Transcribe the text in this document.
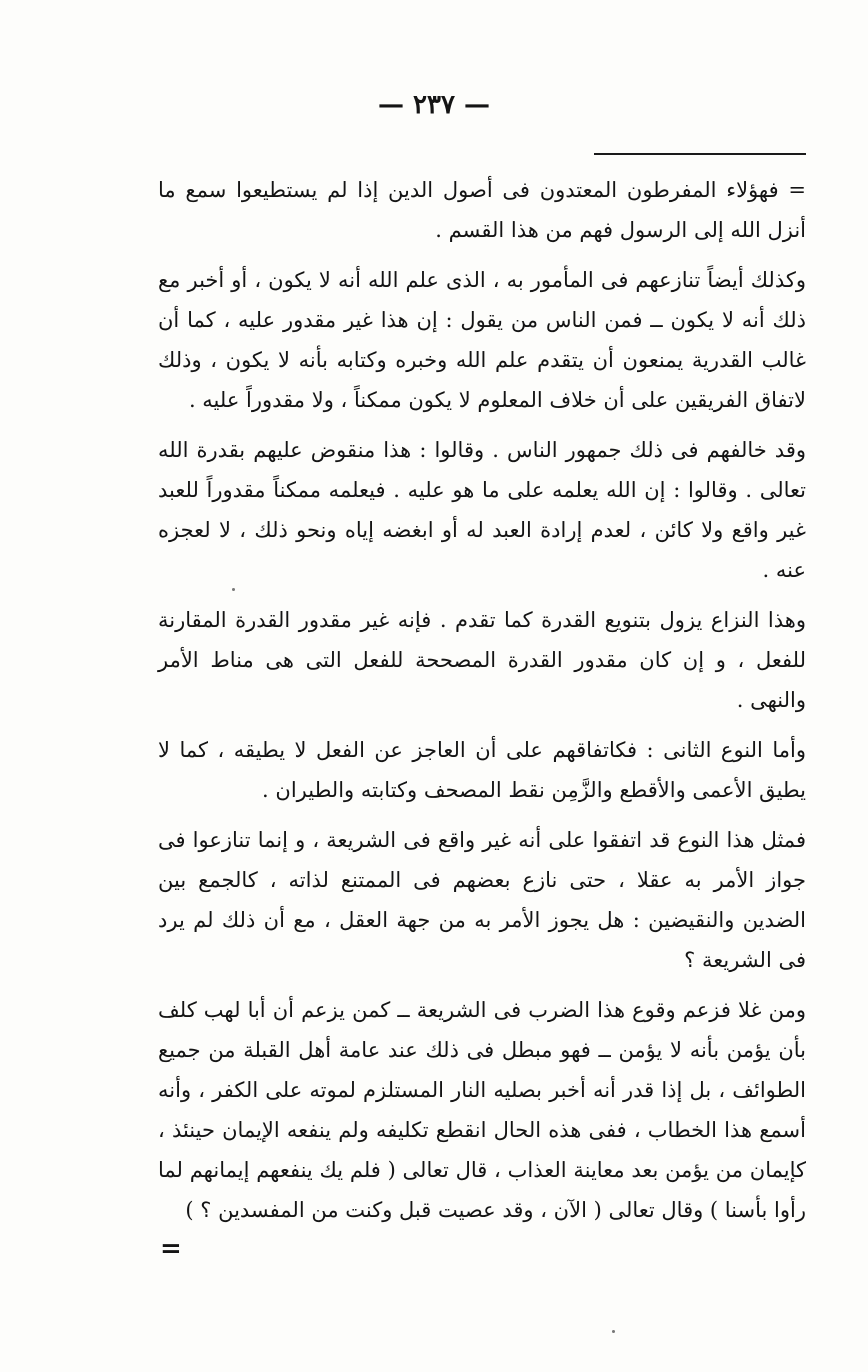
— ٢٣٧ —

= فهؤلاء المفرطون المعتدون فى أصول الدين إذا لم يستطيعوا سمع ما أنزل الله إلى الرسول فهم من هذا القسم .

وكذلك أيضاً تنازعهم فى المأمور به ، الذى علم الله أنه لا يكون ، أو أخبر مع ذلك أنه لا يكون ــ فمن الناس من يقول : إن هذا غير مقدور عليه ، كما أن غالب القدرية يمنعون أن يتقدم علم الله وخبره وكتابه بأنه لا يكون ، وذلك لاتفاق الفريقين على أن خلاف المعلوم لا يكون ممكناً ، ولا مقدوراً عليه .

وقد خالفهم فى ذلك جمهور الناس . وقالوا : هذا منقوض عليهم بقدرة الله تعالى . وقالوا : إن الله يعلمه على ما هو عليه . فيعلمه ممكناً مقدوراً للعبد غير واقع ولا كائن ، لعدم إرادة العبد له أو ابغضه إياه ونحو ذلك ، لا لعجزه عنه .

وهذا النزاع يزول بتنويع القدرة كما تقدم . فإنه غير مقدور القدرة المقارنة للفعل ، و إن كان مقدور القدرة المصححة للفعل التى هى مناط الأمر والنهى .

وأما النوع الثانى : فكاتفاقهم على أن العاجز عن الفعل لا يطيقه ، كما لا يطيق الأعمى والأقطع والزَّمِن نقط المصحف وكتابته والطيران .

فمثل هذا النوع قد اتفقوا على أنه غير واقع فى الشريعة ، و إنما تنازعوا فى جواز الأمر به عقلا ، حتى نازع بعضهم فى الممتنع لذاته ، كالجمع بين الضدين والنقيضين : هل يجوز الأمر به من جهة العقل ، مع أن ذلك لم يرد فى الشريعة ؟

ومن غلا فزعم وقوع هذا الضرب فى الشريعة ــ كمن يزعم أن أبا لهب كلف بأن يؤمن بأنه لا يؤمن ــ فهو مبطل فى ذلك عند عامة أهل القبلة من جميع الطوائف ، بل إذا قدر أنه أخبر بصليه النار المستلزم لموته على الكفر ، وأنه أسمع هذا الخطاب ، ففى هذه الحال انقطع تكليفه ولم ينفعه الإيمان حينئذ ، كإيمان من يؤمن بعد معاينة العذاب ، قال تعالى ( فلم يك ينفعهم إيمانهم لما رأوا بأسنا ) وقال تعالى ( الآن ، وقد عصيت قبل وكنت من المفسدين ؟ )

=
